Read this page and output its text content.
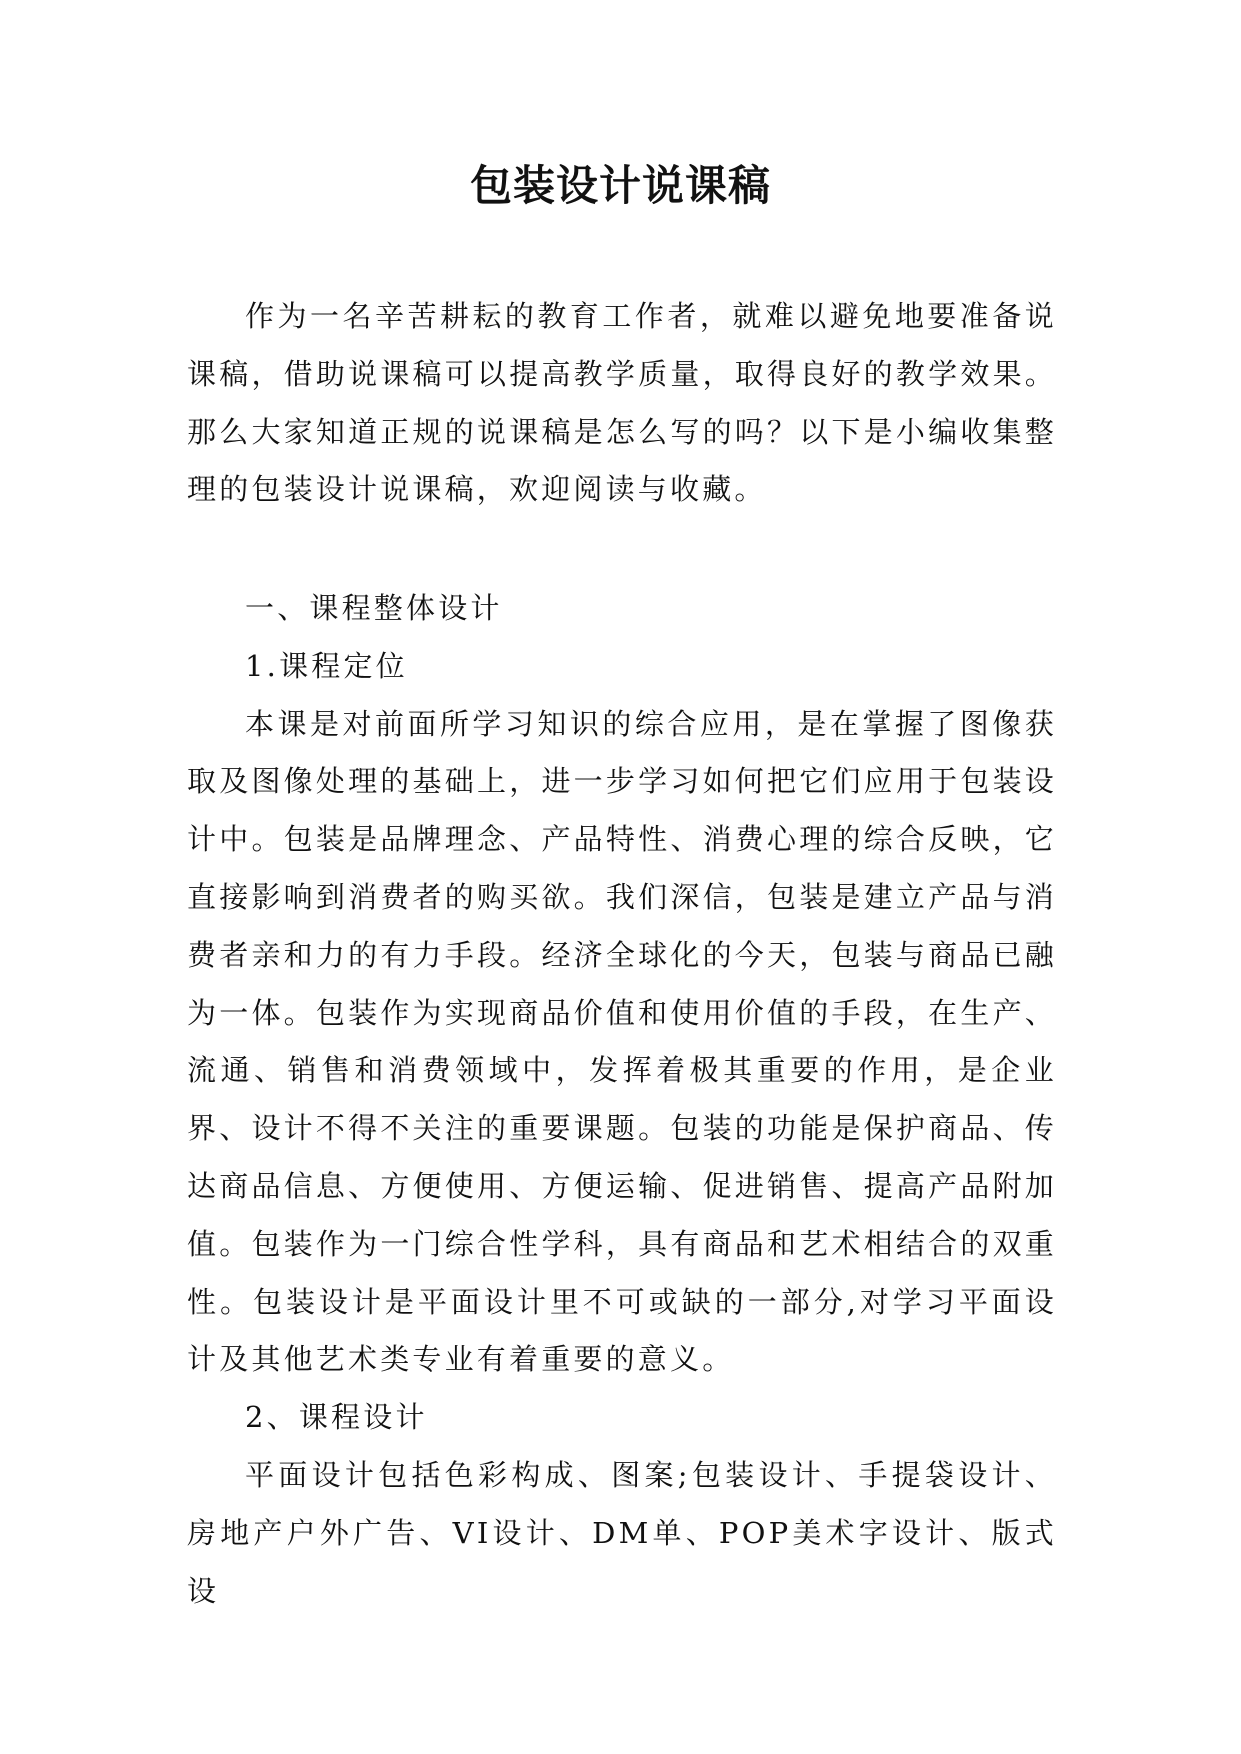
包装设计说课稿

作为一名辛苦耕耘的教育工作者，就难以避免地要准备说课稿，借助说课稿可以提高教学质量，取得良好的教学效果。那么大家知道正规的说课稿是怎么写的吗？以下是小编收集整理的包装设计说课稿，欢迎阅读与收藏。

一、课程整体设计

1.课程定位

本课是对前面所学习知识的综合应用，是在掌握了图像获取及图像处理的基础上，进一步学习如何把它们应用于包装设计中。包装是品牌理念、产品特性、消费心理的综合反映，它直接影响到消费者的购买欲。我们深信，包装是建立产品与消费者亲和力的有力手段。经济全球化的今天，包装与商品已融为一体。包装作为实现商品价值和使用价值的手段，在生产、流通、销售和消费领域中，发挥着极其重要的作用，是企业界、设计不得不关注的重要课题。包装的功能是保护商品、传达商品信息、方便使用、方便运输、促进销售、提高产品附加值。包装作为一门综合性学科，具有商品和艺术相结合的双重性。包装设计是平面设计里不可或缺的一部分,对学习平面设计及其他艺术类专业有着重要的意义。

2、课程设计

平面设计包括色彩构成、图案;包装设计、手提袋设计、房地产户外广告、VI设计、DM单、POP美术字设计、版式设
